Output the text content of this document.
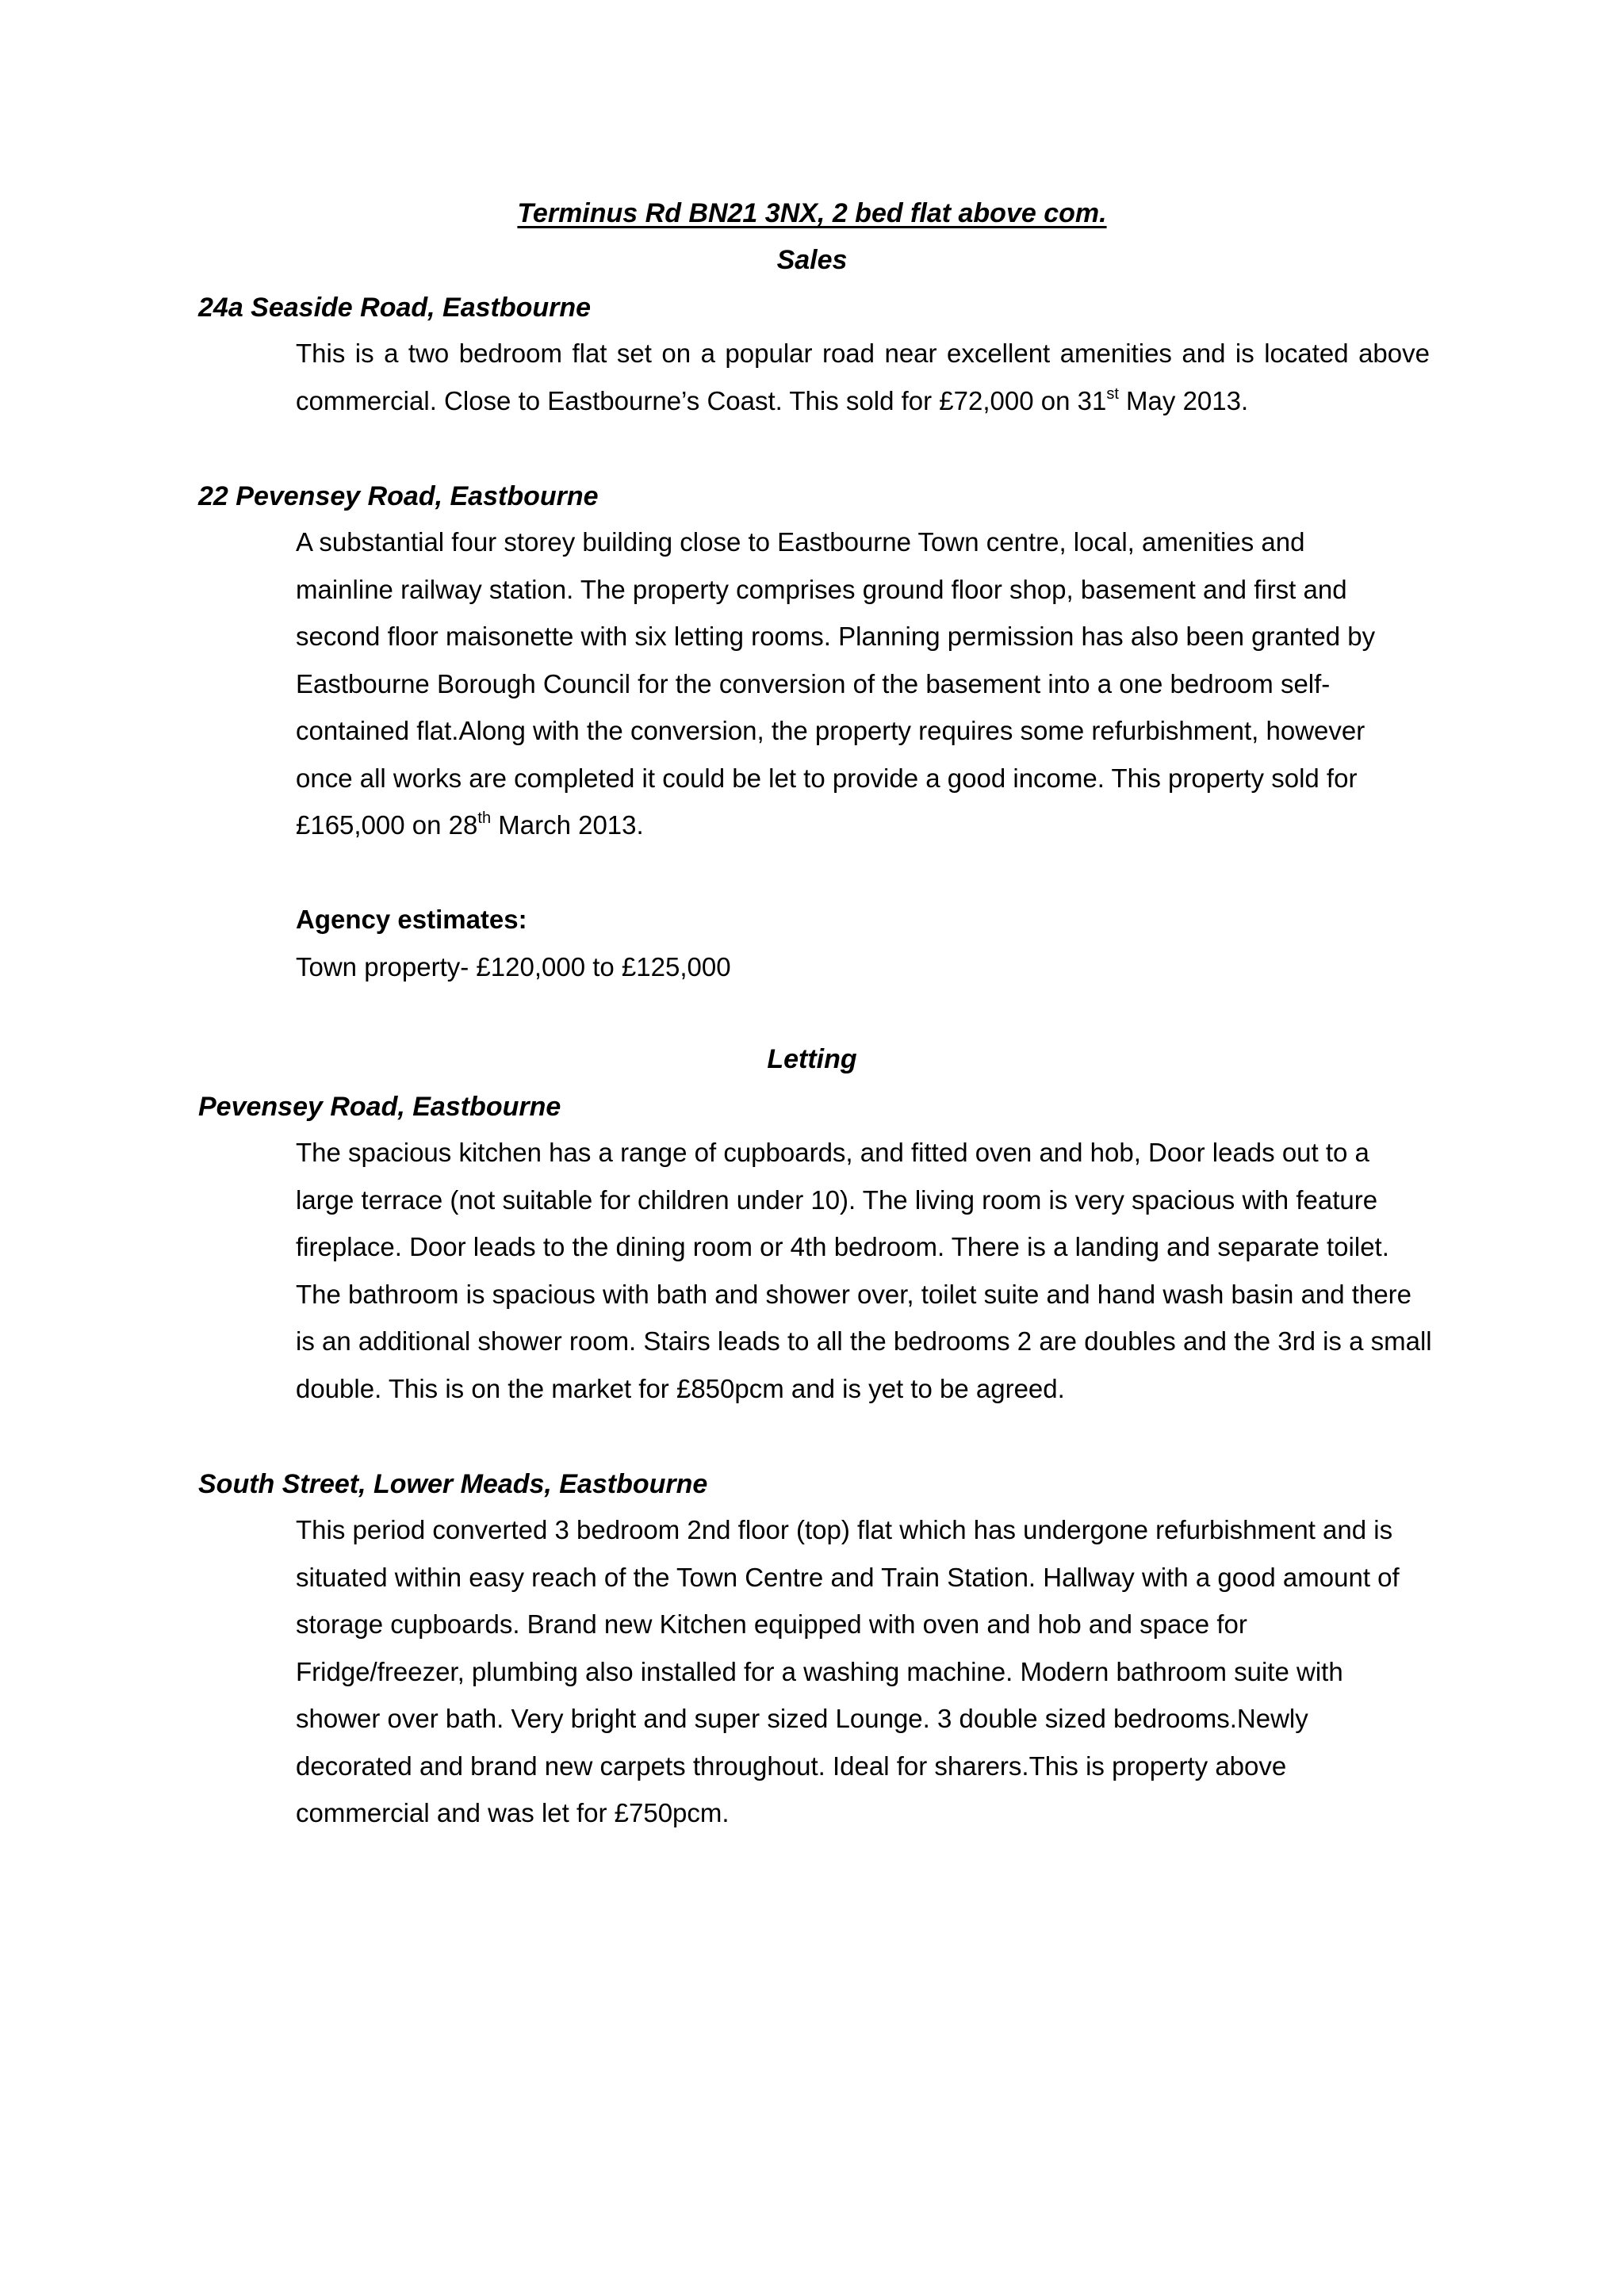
Terminus Rd BN21 3NX, 2 bed flat above com.
Sales
24a Seaside Road, Eastbourne

This is a two bedroom flat set on a popular road near excellent amenities and is located above commercial. Close to Eastbourne’s Coast. This sold for £72,000 on 31st May 2013.

22 Pevensey Road, Eastbourne

A substantial four storey building close to Eastbourne Town centre, local, amenities and mainline railway station. The property comprises ground floor shop, basement and first and second floor maisonette with six letting rooms. Planning permission has also been granted by Eastbourne Borough Council for the conversion of the basement into a one bedroom self-contained flat.Along with the conversion, the property requires some refurbishment, however once all works are completed it could be let to provide a good income. This property sold for £165,000 on 28th March 2013.

Agency estimates:

Town property- £120,000 to £125,000

Letting
Pevensey Road, Eastbourne
The spacious kitchen has a range of cupboards, and fitted oven and hob, Door leads out to a large terrace (not suitable for children under 10). The living room is very spacious with feature fireplace. Door leads to the dining room or 4th bedroom. There is a landing and separate toilet. The bathroom is spacious with bath and shower over, toilet suite and hand wash basin and there is an additional shower room. Stairs leads to all the bedrooms 2 are doubles and the 3rd is a small double. This is on the market for £850pcm and is yet to be agreed.
South Street, Lower Meads, Eastbourne
This period converted 3 bedroom 2nd floor (top) flat which has undergone refurbishment and is situated within easy reach of the Town Centre and Train Station. Hallway with a good amount of storage cupboards. Brand new Kitchen equipped with oven and hob and space for Fridge/freezer, plumbing also installed for a washing machine. Modern bathroom suite with shower over bath. Very bright and super sized Lounge. 3 double sized bedrooms.Newly decorated and brand new carpets throughout. Ideal for sharers.This is property above commercial and was let for £750pcm.
